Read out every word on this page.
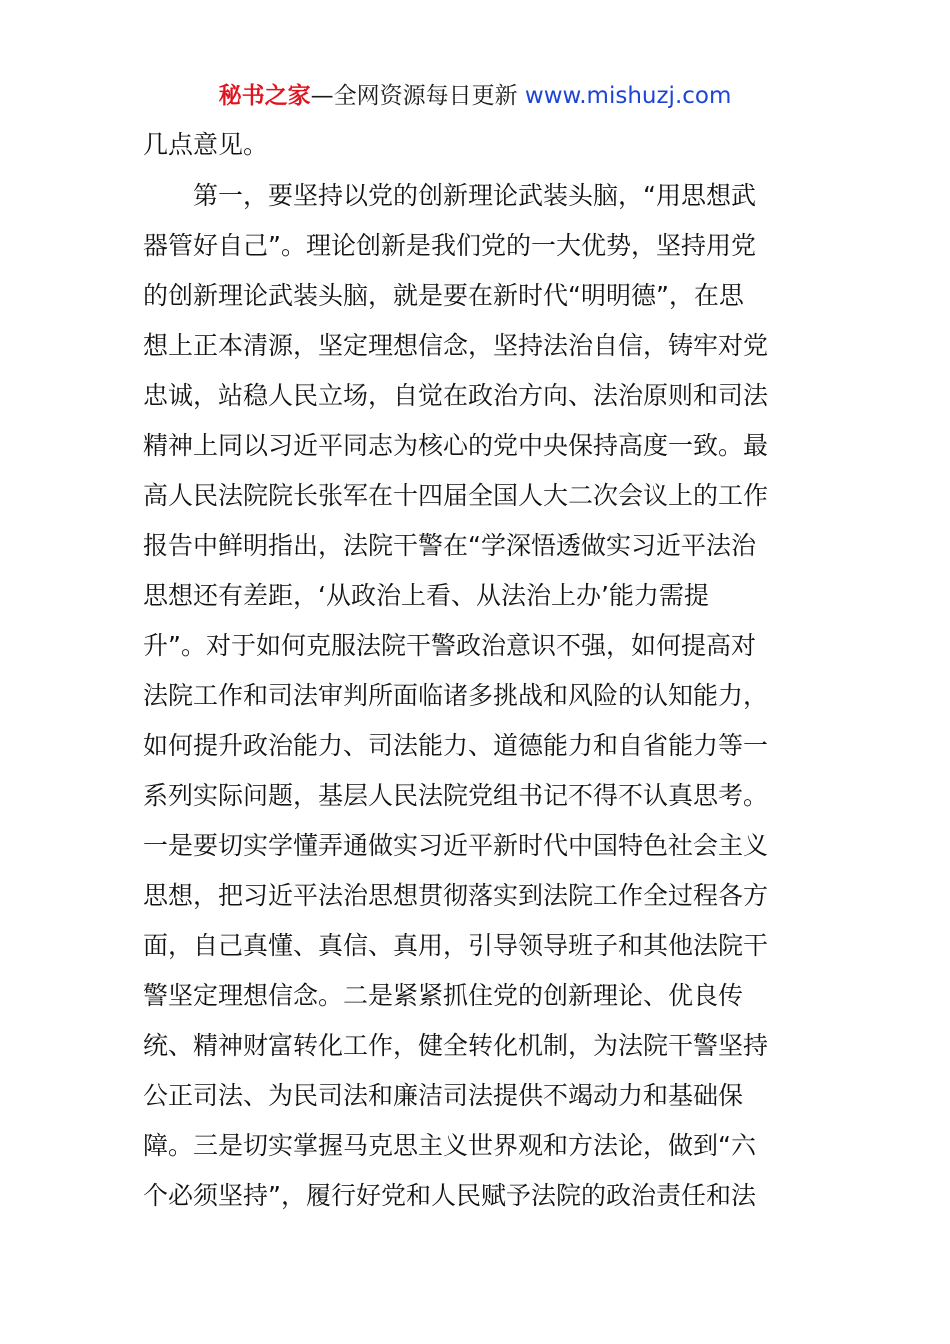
秘书之家—全网资源每日更新 www.mishuzj.com
几点意见。
　　第一，要坚持以党的创新理论武装头脑，“用思想武
器管好自己”。理论创新是我们党的一大优势，坚持用党
的创新理论武装头脑，就是要在新时代“明明德”，在思
想上正本清源，坚定理想信念，坚持法治自信，铸牢对党
忠诚，站稳人民立场，自觉在政治方向、法治原则和司法
精神上同以习近平同志为核心的党中央保持高度一致。最
高人民法院院长张军在十四届全国人大二次会议上的工作
报告中鲜明指出，法院干警在“学深悟透做实习近平法治
思想还有差距，‘从政治上看、从法治上办’能力需提
升”。对于如何克服法院干警政治意识不强，如何提高对
法院工作和司法审判所面临诸多挑战和风险的认知能力，
如何提升政治能力、司法能力、道德能力和自省能力等一
系列实际问题，基层人民法院党组书记不得不认真思考。
一是要切实学懂弄通做实习近平新时代中国特色社会主义
思想，把习近平法治思想贯彻落实到法院工作全过程各方
面，自己真懂、真信、真用，引导领导班子和其他法院干
警坚定理想信念。二是紧紧抓住党的创新理论、优良传
统、精神财富转化工作，健全转化机制，为法院干警坚持
公正司法、为民司法和廉洁司法提供不竭动力和基础保
障。三是切实掌握马克思主义世界观和方法论，做到“六
个必须坚持”，履行好党和人民赋予法院的政治责任和法
